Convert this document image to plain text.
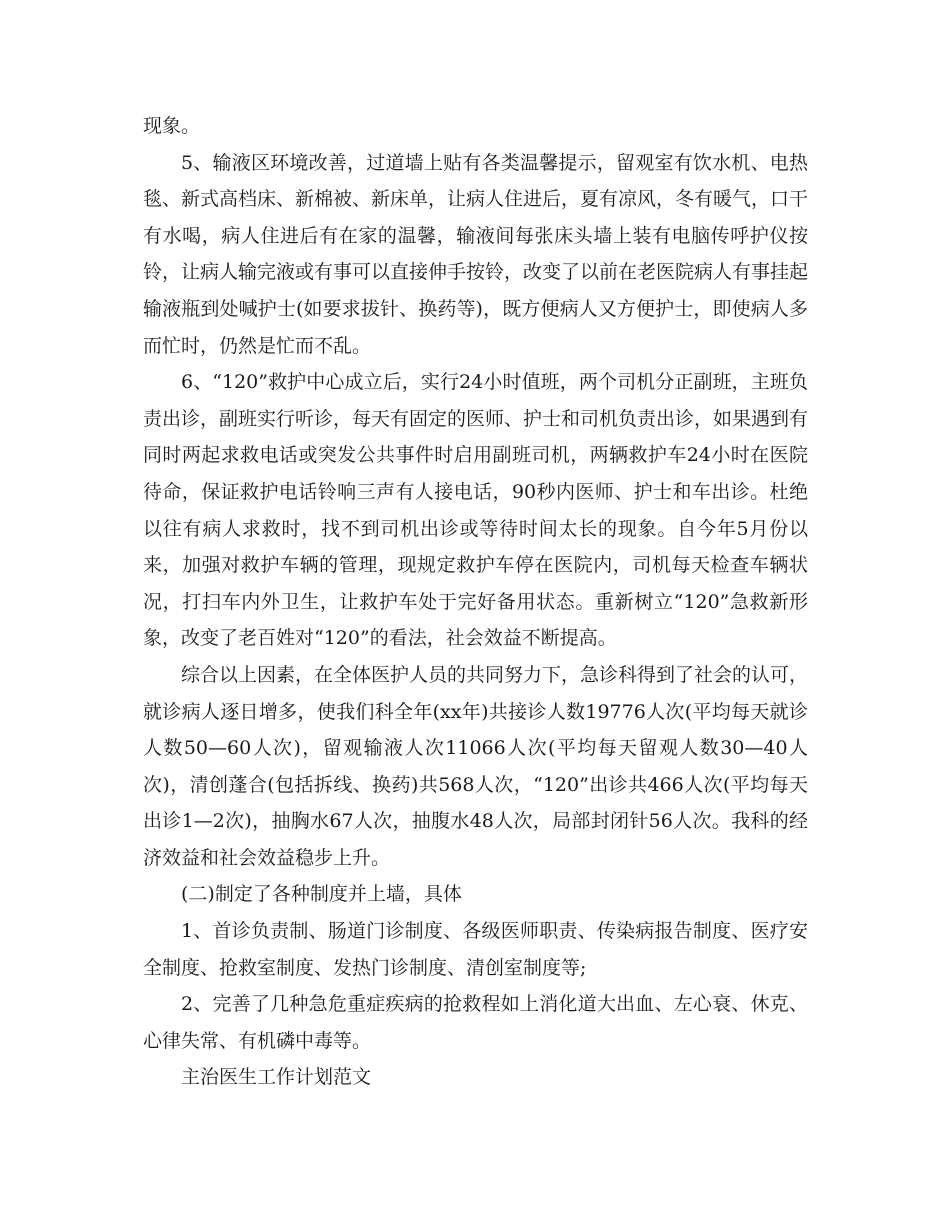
现象。

5、输液区环境改善，过道墙上贴有各类温馨提示，留观室有饮水机、电热毯、新式高档床、新棉被、新床单，让病人住进后，夏有凉风，冬有暖气，口干有水喝，病人住进后有在家的温馨，输液间每张床头墙上装有电脑传呼护仪按铃，让病人输完液或有事可以直接伸手按铃，改变了以前在老医院病人有事挂起输液瓶到处喊护士(如要求拔针、换药等)，既方便病人又方便护士，即使病人多而忙时，仍然是忙而不乱。

6、“120”救护中心成立后，实行24小时值班，两个司机分正副班，主班负责出诊，副班实行听诊，每天有固定的医师、护士和司机负责出诊，如果遇到有同时两起求救电话或突发公共事件时启用副班司机，两辆救护车24小时在医院待命，保证救护电话铃响三声有人接电话，90秒内医师、护士和车出诊。杜绝以往有病人求救时，找不到司机出诊或等待时间太长的现象。自今年5月份以来，加强对救护车辆的管理，现规定救护车停在医院内，司机每天检查车辆状况，打扫车内外卫生，让救护车处于完好备用状态。重新树立“120”急救新形象，改变了老百姓对“120”的看法，社会效益不断提高。

综合以上因素，在全体医护人员的共同努力下，急诊科得到了社会的认可，就诊病人逐日增多，使我们科全年(xx年)共接诊人数19776人次(平均每天就诊人数50—60人次)，留观输液人次11066人次(平均每天留观人数30—40人次)，清创蓬合(包括拆线、换药)共568人次，“120”出诊共466人次(平均每天出诊1—2次)，抽胸水67人次，抽腹水48人次，局部封闭针56人次。我科的经济效益和社会效益稳步上升。

(二)制定了各种制度并上墙，具体

1、首诊负责制、肠道门诊制度、各级医师职责、传染病报告制度、医疗安全制度、抢救室制度、发热门诊制度、清创室制度等;

2、完善了几种急危重症疾病的抢救程如上消化道大出血、左心衰、休克、心律失常、有机磷中毒等。

主治医生工作计划范文
